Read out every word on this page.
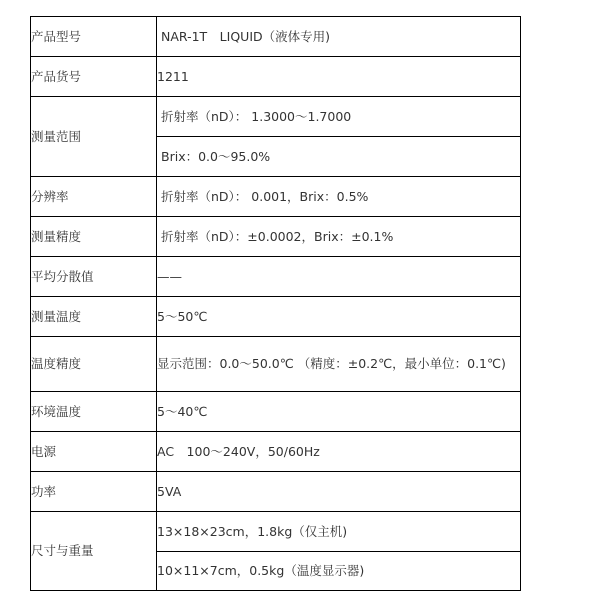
产品型号	NAR-1T　LIQUID（液体专用)
产品货号	1211
测量范围	折射率（nD）： 1.3000～1.7000
	Brix：0.0～95.0%
分辨率	折射率（nD）： 0.001，Brix：0.5%
测量精度	折射率（nD）：±0.0002，Brix：±0.1%
平均分散值	——
测量温度	5～50℃
温度精度	显示范围：0.0～50.0℃ （精度：±0.2℃，最小单位：0.1℃)
环境温度	5～40℃
电源	AC　100～240V，50/60Hz
功率	5VA
尺寸与重量	13×18×23cm，1.8kg（仅主机)
	10×11×7cm，0.5kg（温度显示器)
